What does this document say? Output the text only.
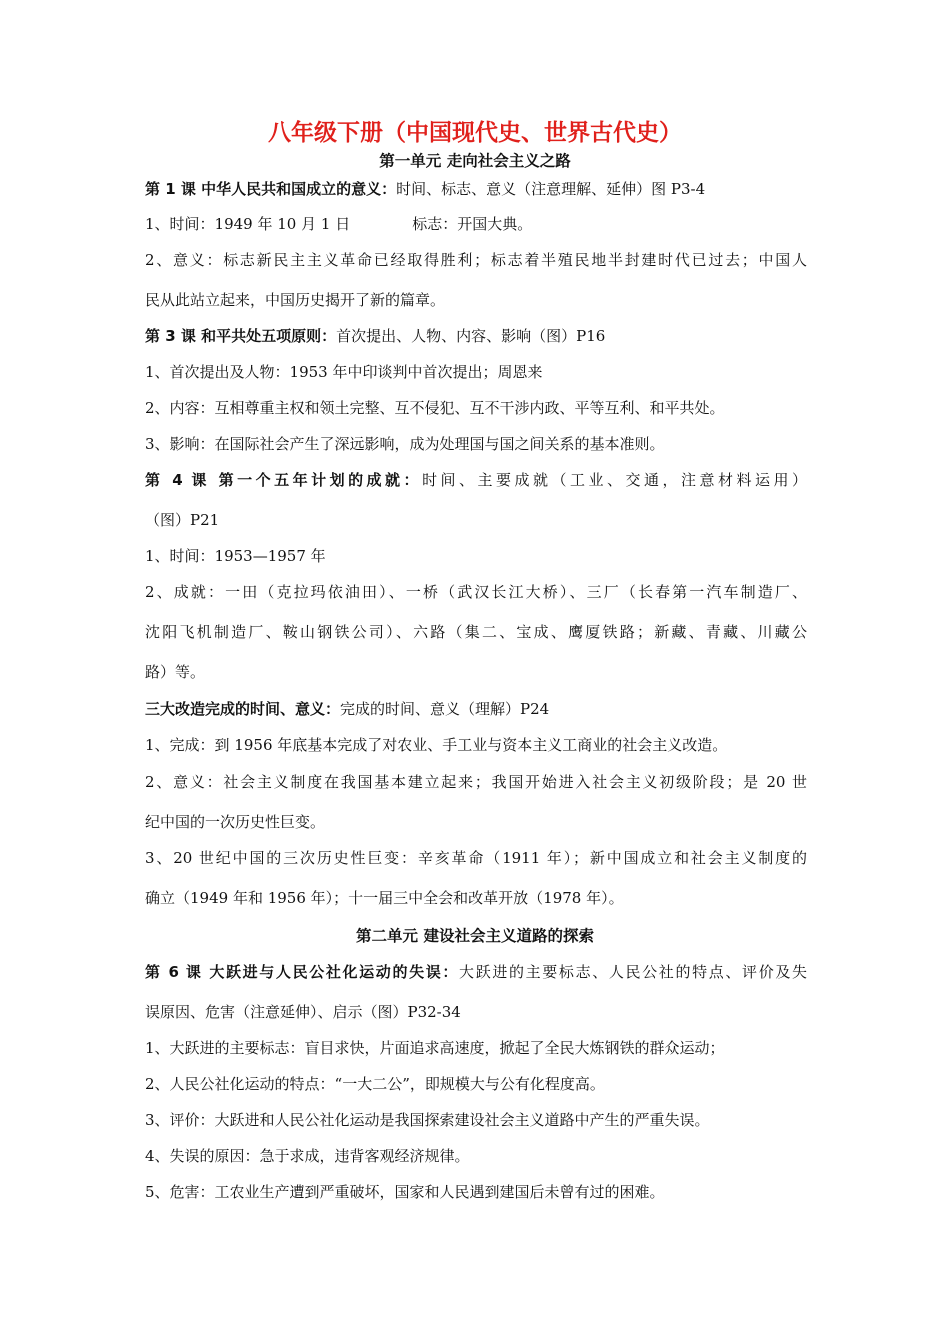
八年级下册（中国现代史、世界古代史）
第一单元 走向社会主义之路
第 1 课 中华人民共和国成立的意义：时间、标志、意义（注意理解、延伸）图 P3-4
1、时间：1949 年 10 月 1 日	标志：开国大典。
2、意义：标志新民主主义革命已经取得胜利；标志着半殖民地半封建时代已过去；中国人
民从此站立起来，中国历史揭开了新的篇章。
第 3 课 和平共处五项原则：首次提出、人物、内容、影响（图）P16
1、首次提出及人物：1953 年中印谈判中首次提出；周恩来
2、内容：互相尊重主权和领土完整、互不侵犯、互不干涉内政、平等互利、和平共处。
3、影响：在国际社会产生了深远影响，成为处理国与国之间关系的基本准则。
第 4 课 第一个五年计划的成就：时间、主要成就（工业、交通，注意材料运用）
（图）P21
1、时间：1953—1957 年
2、成就：一田（克拉玛依油田）、一桥（武汉长江大桥）、三厂（长春第一汽车制造厂、
沈阳飞机制造厂、鞍山钢铁公司）、六路（集二、宝成、鹰厦铁路；新藏、青藏、川藏公
路）等。
三大改造完成的时间、意义：完成的时间、意义（理解）P24
1、完成：到 1956 年底基本完成了对农业、手工业与资本主义工商业的社会主义改造。
2、意义：社会主义制度在我国基本建立起来；我国开始进入社会主义初级阶段；是 20 世
纪中国的一次历史性巨变。
3、20 世纪中国的三次历史性巨变：辛亥革命（1911 年）；新中国成立和社会主义制度的
确立（1949 年和 1956 年）；十一届三中全会和改革开放（1978 年）。
第二单元 建设社会主义道路的探索
第 6 课 大跃进与人民公社化运动的失误：大跃进的主要标志、人民公社的特点、评价及失
误原因、危害（注意延伸）、启示（图）P32-34
1、大跃进的主要标志：盲目求快，片面追求高速度，掀起了全民大炼钢铁的群众运动；
2、人民公社化运动的特点：“一大二公”，即规模大与公有化程度高。
3、评价：大跃进和人民公社化运动是我国探索建设社会主义道路中产生的严重失误。
4、失误的原因：急于求成，违背客观经济规律。
5、危害：工农业生产遭到严重破坏，国家和人民遇到建国后未曾有过的困难。
